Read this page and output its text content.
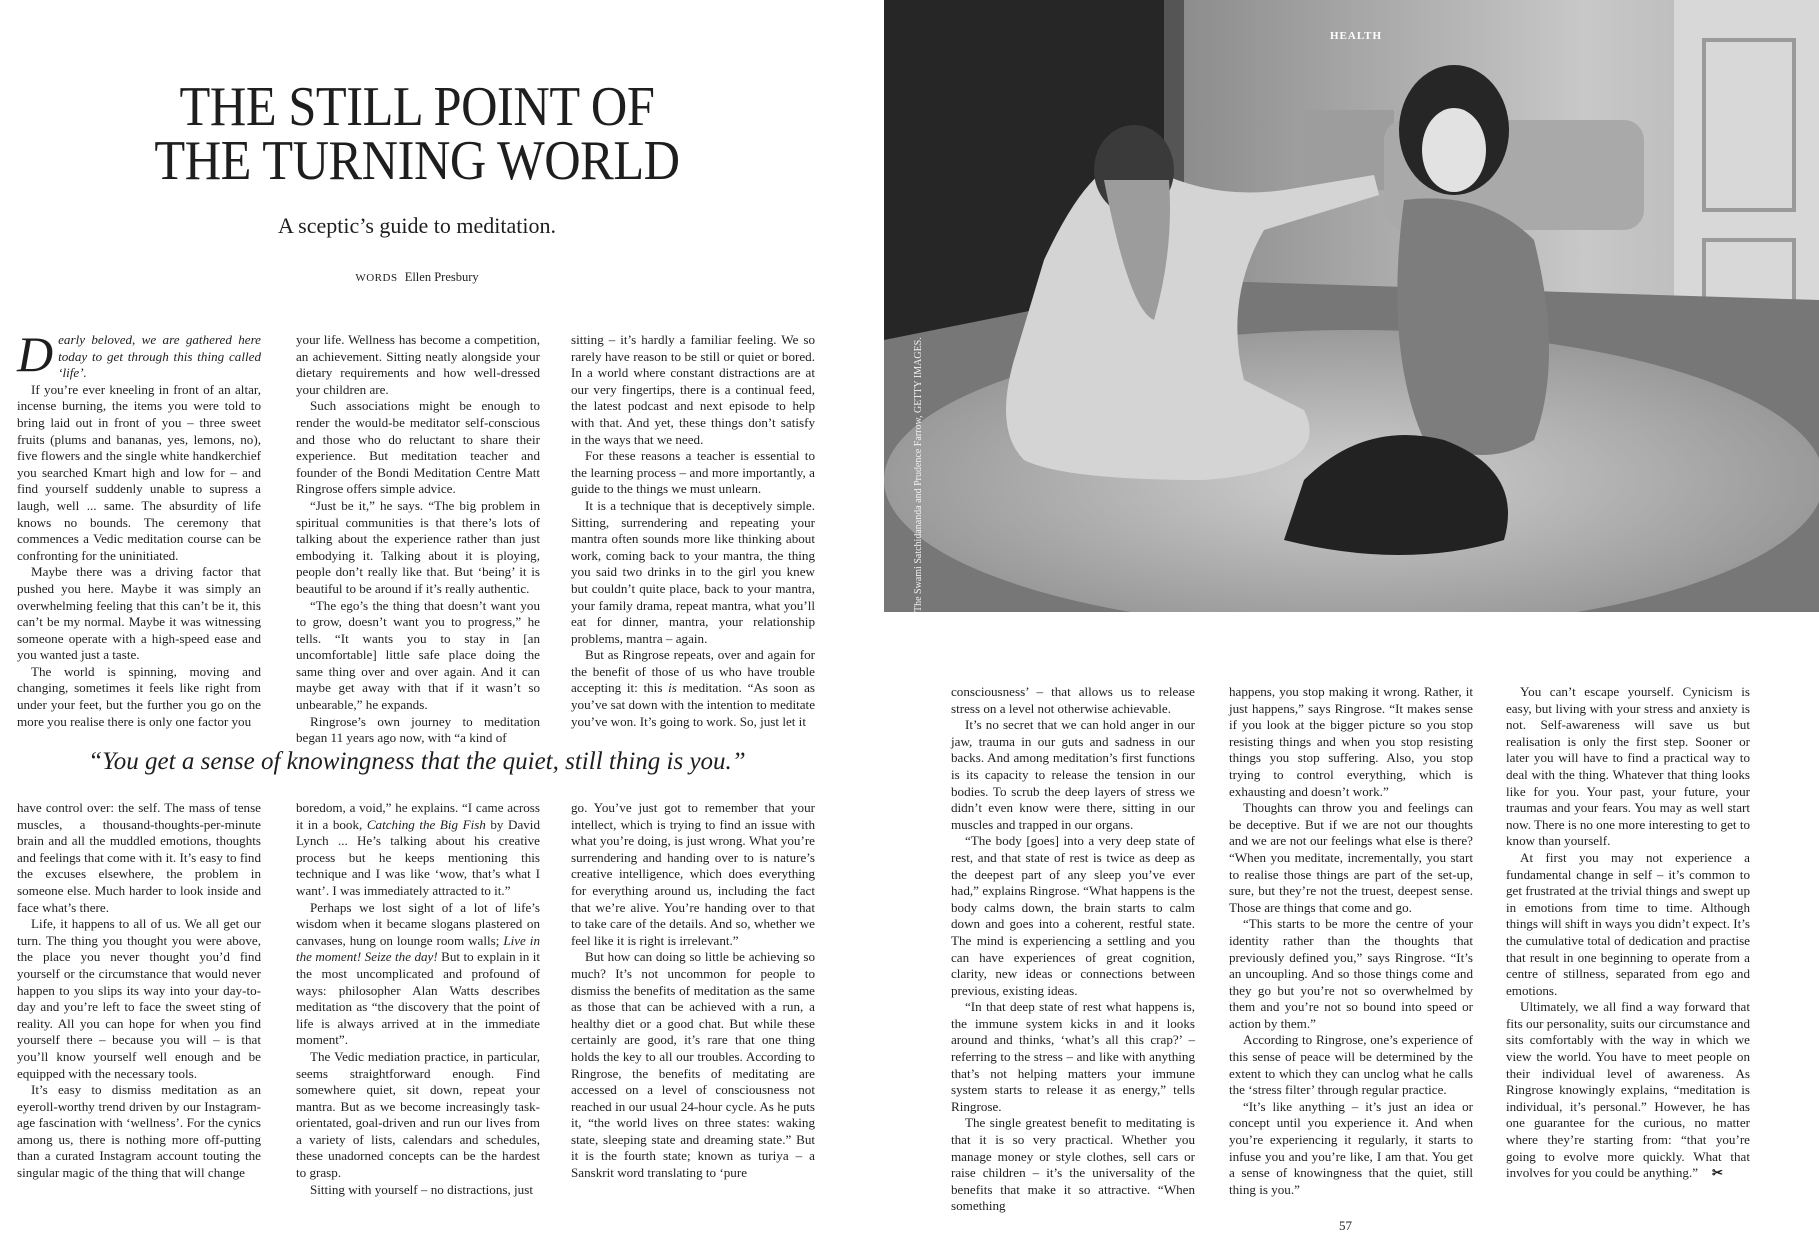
THE STILL POINT OF
THE TURNING WORLD
A sceptic’s guide to meditation.
WORDS Ellen Presbury
Dearly beloved, we are gathered here today to get through this thing called ‘life’.

If you’re ever kneeling in front of an altar, incense burning, the items you were told to bring laid out in front of you – three sweet fruits (plums and bananas, yes, lemons, no), five flowers and the single white handkerchief you searched Kmart high and low for – and find yourself suddenly unable to supress a laugh, well ... same. The absurdity of life knows no bounds. The ceremony that commences a Vedic meditation course can be confronting for the uninitiated.

Maybe there was a driving factor that pushed you here. Maybe it was simply an overwhelming feeling that this can’t be it, this can’t be my normal. Maybe it was witnessing someone operate with a high-speed ease and you wanted just a taste.

The world is spinning, moving and changing, sometimes it feels like right from under your feet, but the further you go on the more you realise there is only one factor you

your life. Wellness has become a competition, an achievement. Sitting neatly alongside your dietary requirements and how well-dressed your children are.

Such associations might be enough to render the would-be meditator self-conscious and those who do reluctant to share their experience. But meditation teacher and founder of the Bondi Meditation Centre Matt Ringrose offers simple advice.

“Just be it,” he says. “The big problem in spiritual communities is that there’s lots of talking about the experience rather than just embodying it. Talking about it is ploying, people don’t really like that. But ‘being’ it is beautiful to be around if it’s really authentic.

“The ego’s the thing that doesn’t want you to grow, doesn’t want you to progress,” he tells. “It wants you to stay in [an uncomfortable] little safe place doing the same thing over and over again. And it can maybe get away with that if it wasn’t so unbearable,” he expands.

Ringrose’s own journey to meditation began 11 years ago now, with “a kind of

sitting – it’s hardly a familiar feeling. We so rarely have reason to be still or quiet or bored. In a world where constant distractions are at our very fingertips, there is a continual feed, the latest podcast and next episode to help with that. And yet, these things don’t satisfy in the ways that we need.

For these reasons a teacher is essential to the learning process – and more importantly, a guide to the things we must unlearn.

It is a technique that is deceptively simple. Sitting, surrendering and repeating your mantra often sounds more like thinking about work, coming back to your mantra, the thing you said two drinks in to the girl you knew but couldn’t quite place, back to your mantra, your family drama, repeat mantra, what you’ll eat for dinner, mantra, your relationship problems, mantra – again.

But as Ringrose repeats, over and again for the benefit of those of us who have trouble accepting it: this is meditation. “As soon as you’ve sat down with the intention to meditate you’ve won. It’s going to work. So, just let it

“You get a sense of knowingness that the quiet, still thing is you.”

have control over: the self. The mass of tense muscles, a thousand-thoughts-per-minute brain and all the muddled emotions, thoughts and feelings that come with it. It’s easy to find the excuses elsewhere, the problem in someone else. Much harder to look inside and face what’s there.

Life, it happens to all of us. We all get our turn. The thing you thought you were above, the place you never thought you’d find yourself or the circumstance that would never happen to you slips its way into your day-to-day and you’re left to face the sweet sting of reality. All you can hope for when you find yourself there – because you will – is that you’ll know yourself well enough and be equipped with the necessary tools.

It’s easy to dismiss meditation as an eyeroll-worthy trend driven by our Instagram-age fascination with ‘wellness’. For the cynics among us, there is nothing more off-putting than a curated Instagram account touting the singular magic of the thing that will change

boredom, a void,” he explains. “I came across it in a book, Catching the Big Fish by David Lynch ... He’s talking about his creative process but he keeps mentioning this technique and I was like ‘wow, that’s what I want’. I was immediately attracted to it.”

Perhaps we lost sight of a lot of life’s wisdom when it became slogans plastered on canvases, hung on lounge room walls; Live in the moment! Seize the day! But to explain in it the most uncomplicated and profound of ways: philosopher Alan Watts describes meditation as “the discovery that the point of life is always arrived at in the immediate moment”.

The Vedic mediation practice, in particular, seems straightforward enough. Find somewhere quiet, sit down, repeat your mantra. But as we become increasingly task-orientated, goal-driven and run our lives from a variety of lists, calendars and schedules, these unadorned concepts can be the hardest to grasp.

Sitting with yourself – no distractions, just

go. You’ve just got to remember that your intellect, which is trying to find an issue with what you’re doing, is just wrong. What you’re surrendering and handing over to is nature’s creative intelligence, which does everything for everything around us, including the fact that we’re alive. You’re handing over to that to take care of the details. And so, whether we feel like it is right is irrelevant.”

But how can doing so little be achieving so much? It’s not uncommon for people to dismiss the benefits of meditation as the same as those that can be achieved with a run, a healthy diet or a good chat. But while these certainly are good, it’s rare that one thing holds the key to all our troubles. According to Ringrose, the benefits of meditating are accessed on a level of consciousness not reached in our usual 24-hour cycle. As he puts it, “the world lives on three states: waking state, sleeping state and dreaming state.” But it is the fourth state; known as turiya – a Sanskrit word translating to ‘pure

HEALTH
The Swami Satchidananda and Prudence Farrow, GETTY IMAGES.

consciousness’ – that allows us to release stress on a level not otherwise achievable.

It’s no secret that we can hold anger in our jaw, trauma in our guts and sadness in our backs. And among meditation’s first functions is its capacity to release the tension in our bodies. To scrub the deep layers of stress we didn’t even know were there, sitting in our muscles and trapped in our organs.

“The body [goes] into a very deep state of rest, and that state of rest is twice as deep as the deepest part of any sleep you’ve ever had,” explains Ringrose. “What happens is the body calms down, the brain starts to calm down and goes into a coherent, restful state. The mind is experiencing a settling and you can have experiences of great cognition, clarity, new ideas or connections between previous, existing ideas.

“In that deep state of rest what happens is, the immune system kicks in and it looks around and thinks, ‘what’s all this crap?’ – referring to the stress – and like with anything that’s not helping matters your immune system starts to release it as energy,” tells Ringrose.

The single greatest benefit to meditating is that it is so very practical. Whether you manage money or style clothes, sell cars or raise children – it’s the universality of the benefits that make it so attractive. “When something

happens, you stop making it wrong. Rather, it just happens,” says Ringrose. “It makes sense if you look at the bigger picture so you stop resisting things and when you stop resisting things you stop suffering. Also, you stop trying to control everything, which is exhausting and doesn’t work.”

Thoughts can throw you and feelings can be deceptive. But if we are not our thoughts and we are not our feelings what else is there? “When you meditate, incrementally, you start to realise those things are part of the set-up, sure, but they’re not the truest, deepest sense. Those are things that come and go.

“This starts to be more the centre of your identity rather than the thoughts that previously defined you,” says Ringrose. “It’s an uncoupling. And so those things come and they go but you’re not so overwhelmed by them and you’re not so bound into speed or action by them.”

According to Ringrose, one’s experience of this sense of peace will be determined by the extent to which they can unclog what he calls the ‘stress filter’ through regular practice.

“It’s like anything – it’s just an idea or concept until you experience it. And when you’re experiencing it regularly, it starts to infuse you and you’re like, I am that. You get a sense of knowingness that the quiet, still thing is you.”

You can’t escape yourself. Cynicism is easy, but living with your stress and anxiety is not. Self-awareness will save us but realisation is only the first step. Sooner or later you will have to find a practical way to deal with the thing. Whatever that thing looks like for you. Your past, your future, your traumas and your fears. You may as well start now. There is no one more interesting to get to know than yourself.

At first you may not experience a fundamental change in self – it’s common to get frustrated at the trivial things and swept up in emotions from time to time. Although things will shift in ways you didn’t expect. It’s the cumulative total of dedication and practise that result in one beginning to operate from a centre of stillness, separated from ego and emotions.

Ultimately, we all find a way forward that fits our personality, suits our circumstance and sits comfortably with the way in which we view the world. You have to meet people on their individual level of awareness. As Ringrose knowingly explains, “meditation is individual, it’s personal.” However, he has one guarantee for the curious, no matter where they’re starting from: “that you’re going to evolve more quickly. What that involves for you could be anything.”✂

57
